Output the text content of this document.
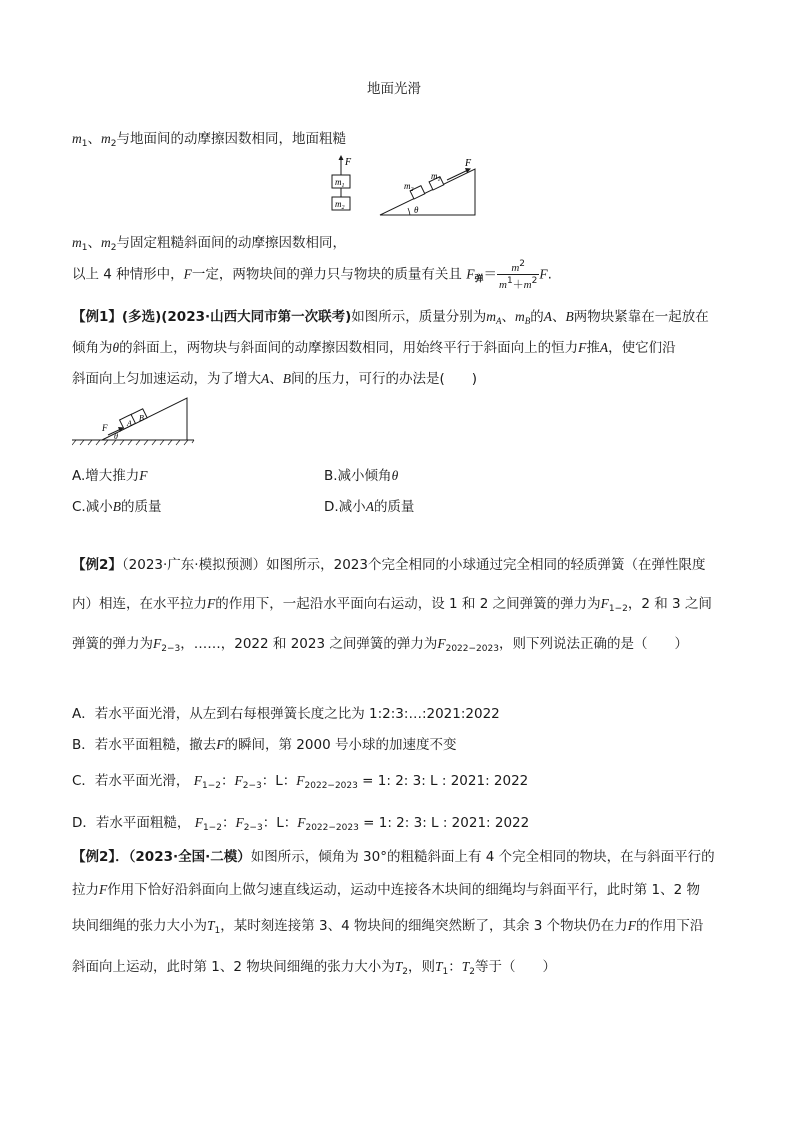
地面光滑
$m_1$、$m_2$与地面间的动摩擦因数相同，地面粗糙
F
$m_1$
$m_2$
F
$m_2$
$m_1$
θ
$m_1$、$m_2$与固定粗糙斜面间的动摩擦因数相同，
以上 4 种情形中，F一定，两物块间的弹力只与物块的质量有关且 $F_弹= \frac{m^2}{m^1+m^2} F$.
【例1】(多选)(2023·山西大同市第一次联考)如图所示，质量分别为$m_A$、$m_B$的A、B两物块紧靠在一起放在
倾角为θ的斜面上，两物块与斜面间的动摩擦因数相同，用始终平行于斜面向上的恒力F推A，使它们沿
斜面向上匀加速运动，为了增大A、B间的压力，可行的办法是(　　)
A
B
F
θ
A.增大推力F	B.减小倾角θ
C.减小B的质量	D.减小A的质量
【例2】（2023·广东·模拟预测）如图所示，2023个完全相同的小球通过完全相同的轻质弹簧（在弹性限度
内）相连，在水平拉力F的作用下，一起沿水平面向右运动，设 1 和 2 之间弹簧的弹力为$F_{1-2}$，2 和 3 之间
弹簧的弹力为$F_{2-3}$，……，2022 和 2023 之间弹簧的弹力为$F_{2022-2023}$，则下列说法正确的是（　　）
A．若水平面光滑，从左到右每根弹簧长度之比为 1:2:3:…:2021:2022
B．若水平面粗糙，撤去F的瞬间，第 2000 号小球的加速度不变
C．若水平面光滑， $F_{1-2}$：$F_{2-3}$：L：$F_{2022-2023} = 1$: 2: 3: L : 2021: 2022
D．若水平面粗糙， $F_{1-2}$：$F_{2-3}$：L：$F_{2022-2023} = 1$: 2: 3: L : 2021: 2022
【例2】．（2023·全国·二模）如图所示，倾角为 30°的粗糙斜面上有 4 个完全相同的物块，在与斜面平行的
拉力F作用下恰好沿斜面向上做匀速直线运动，运动中连接各木块间的细绳均与斜面平行，此时第 1、2 物
块间细绳的张力大小为$T_1$，某时刻连接第 3、4 物块间的细绳突然断了，其余 3 个物块仍在力F的作用下沿
斜面向上运动，此时第 1、2 物块间细绳的张力大小为$T_2$，则$T_1$：$T_2$等于（　　）
